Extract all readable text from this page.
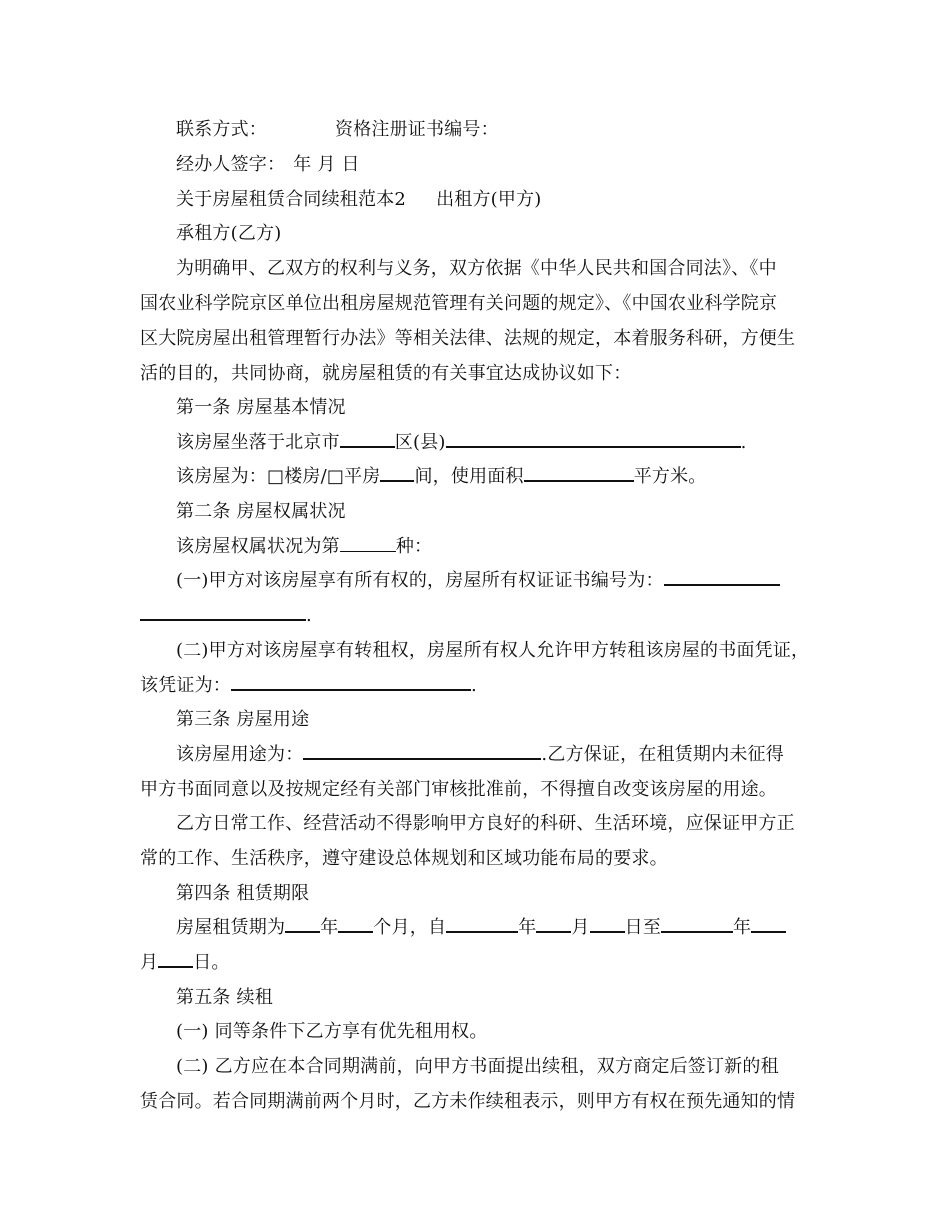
联系方式：	资格注册证书编号：
经办人签字： 年 月 日
关于房屋租赁合同续租范本2 出租方(甲方)
承租方(乙方)
为明确甲、乙双方的权利与义务，双方依据《中华人民共和国合同法》、《中
国农业科学院京区单位出租房屋规范管理有关问题的规定》、《中国农业科学院京
区大院房屋出租管理暂行办法》等相关法律、法规的规定，本着服务科研，方便生
活的目的，共同协商，就房屋租赁的有关事宜达成协议如下：
第一条 房屋基本情况
该房屋坐落于北京市	区(县)	.
该房屋为：□楼房/□平房 间，使用面积	平方米。
第二条 房屋权属状况
该房屋权属状况为第	种：
(一)甲方对该房屋享有所有权的，房屋所有权证证书编号为：
.
(二)甲方对该房屋享有转租权，房屋所有权人允许甲方转租该房屋的书面凭证，
该凭证为：	.
第三条 房屋用途
该房屋用途为：	.乙方保证，在租赁期内未征得
甲方书面同意以及按规定经有关部门审核批准前，不得擅自改变该房屋的用途。
乙方日常工作、经营活动不得影响甲方良好的科研、生活环境，应保证甲方正
常的工作、生活秩序，遵守建设总体规划和区域功能布局的要求。
第四条 租赁期限
房屋租赁期为 年 个月，自	年 月 日至	年
月 日。
第五条 续租
(一) 同等条件下乙方享有优先租用权。
(二) 乙方应在本合同期满前，向甲方书面提出续租，双方商定后签订新的租
赁合同。若合同期满前两个月时，乙方未作续租表示，则甲方有权在预先通知的情
